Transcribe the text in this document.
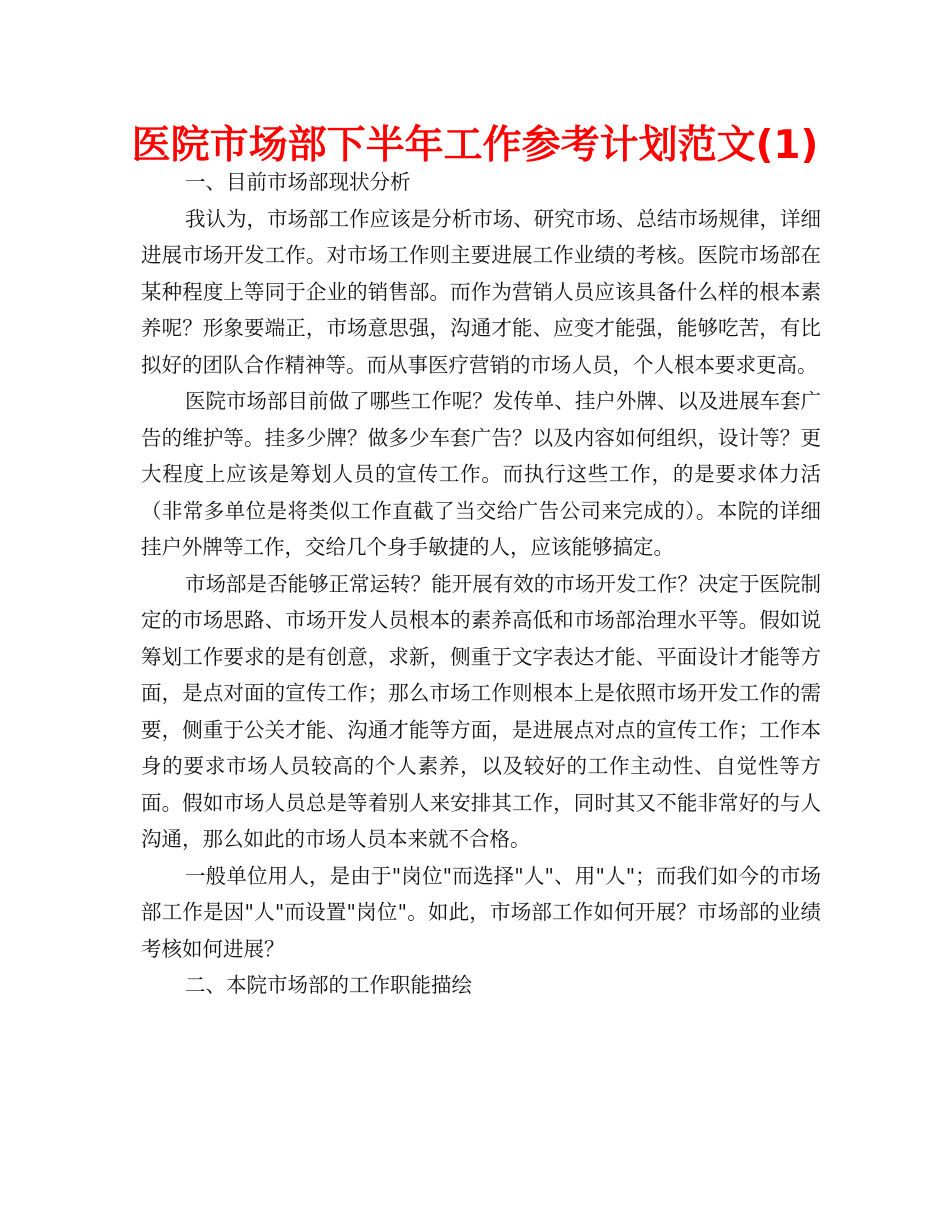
医院市场部下半年工作参考计划范文(1)

一、目前市场部现状分析

我认为，市场部工作应该是分析市场、研究市场、总结市场规律，详细进展市场开发工作。对市场工作则主要进展工作业绩的考核。医院市场部在某种程度上等同于企业的销售部。而作为营销人员应该具备什么样的根本素养呢？形象要端正，市场意思强，沟通才能、应变才能强，能够吃苦，有比拟好的团队合作精神等。而从事医疗营销的市场人员，个人根本要求更高。

医院市场部目前做了哪些工作呢？发传单、挂户外牌、以及进展车套广告的维护等。挂多少牌？做多少车套广告？以及内容如何组织，设计等？更大程度上应该是筹划人员的宣传工作。而执行这些工作，的是要求体力活（非常多单位是将类似工作直截了当交给广告公司来完成的）。本院的详细挂户外牌等工作，交给几个身手敏捷的人，应该能够搞定。

市场部是否能够正常运转？能开展有效的市场开发工作？决定于医院制定的市场思路、市场开发人员根本的素养高低和市场部治理水平等。假如说筹划工作要求的是有创意，求新，侧重于文字表达才能、平面设计才能等方面，是点对面的宣传工作；那么市场工作则根本上是依照市场开发工作的需要，侧重于公关才能、沟通才能等方面，是进展点对点的宣传工作；工作本身的要求市场人员较高的个人素养，以及较好的工作主动性、自觉性等方面。假如市场人员总是等着别人来安排其工作，同时其又不能非常好的与人沟通，那么如此的市场人员本来就不合格。

一般单位用人，是由于"岗位"而选择"人"、用"人"；而我们如今的市场部工作是因"人"而设置"岗位"。如此，市场部工作如何开展？市场部的业绩考核如何进展？

二、本院市场部的工作职能描绘
